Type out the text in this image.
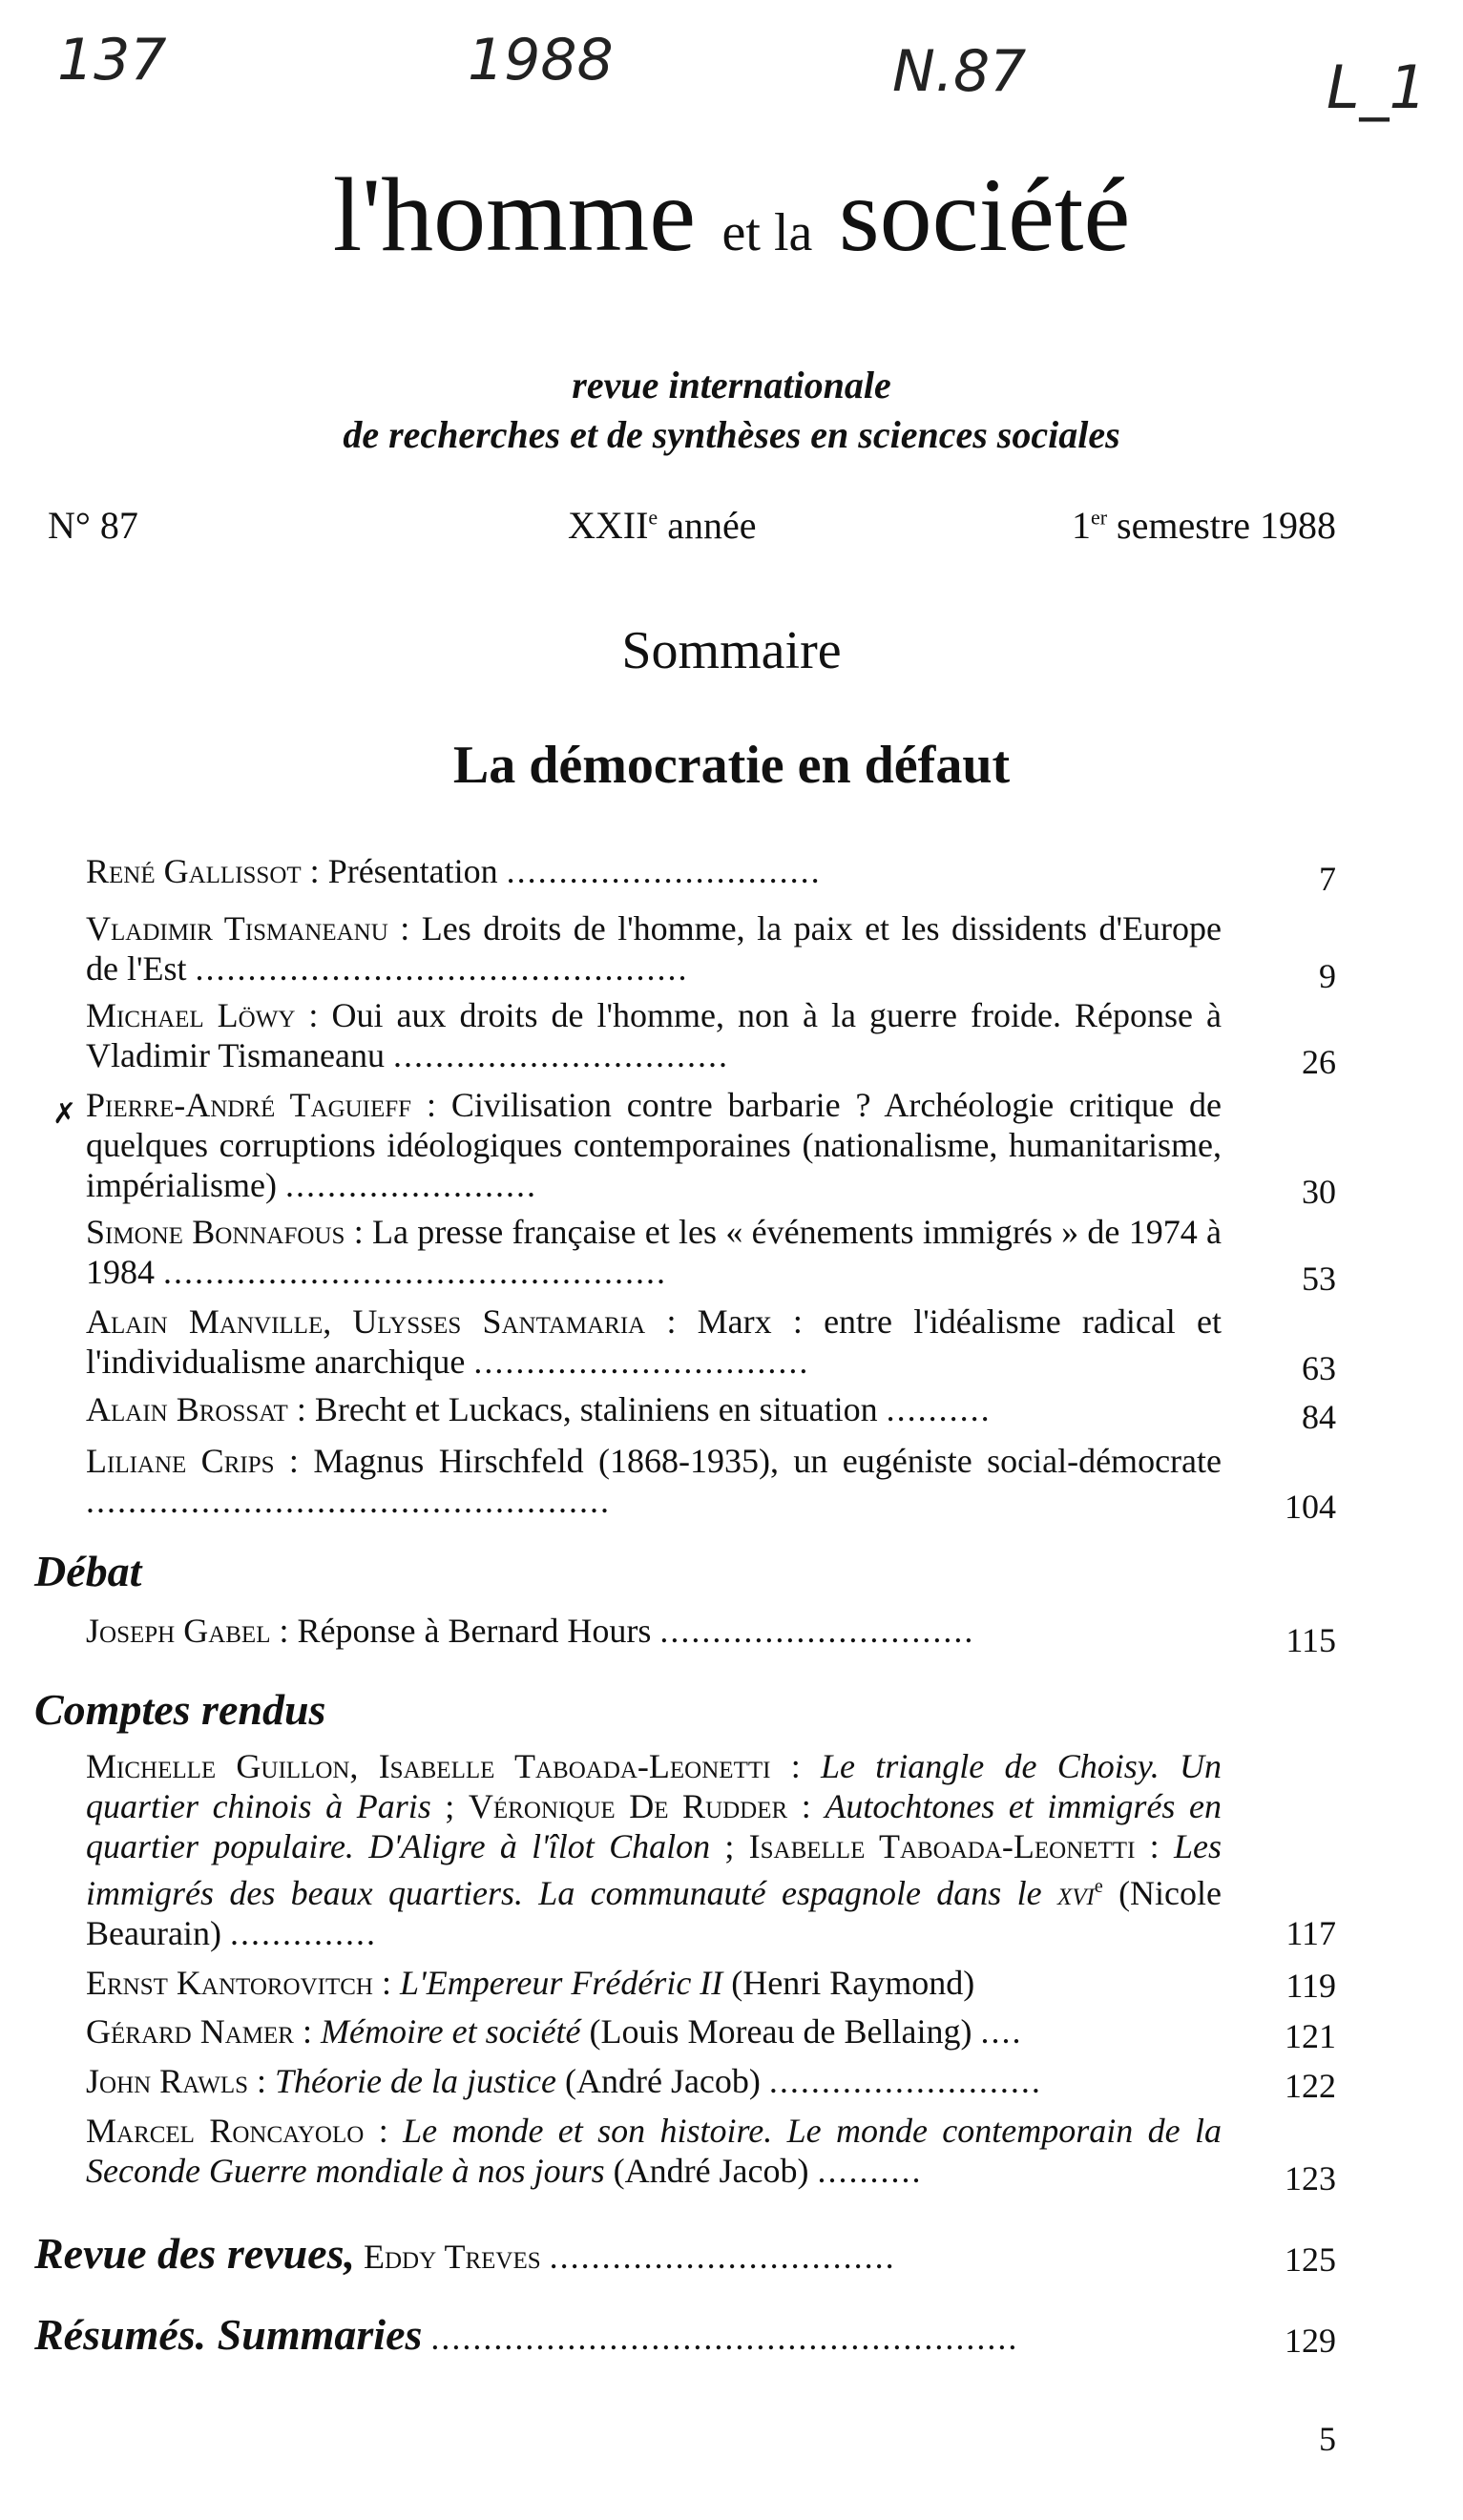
137	1988	N.87	L_1
l'homme et la société
revue internationale
de recherches et de synthèses en sciences sociales
N° 87	XXIIe année	1er semestre 1988
Sommaire
La démocratie en défaut
René Gallissot : Présentation ..............................	7
Vladimir Tismaneanu : Les droits de l'homme, la paix et les dissidents d'Europe de l'Est ...............................................	9
Michael Löwy : Oui aux droits de l'homme, non à la guerre froide. Réponse à Vladimir Tismaneanu ................................	26
✗ Pierre-André Taguieff : Civilisation contre barbarie ? Archéologie critique de quelques corruptions idéologiques contemporaines (nationalisme, humanitarisme, impérialisme) ........................	30
Simone Bonnafous : La presse française et les « événements immigrés » de 1974 à 1984 ................................................	53
Alain Manville, Ulysses Santamaria : Marx : entre l'idéalisme radical et l'individualisme anarchique ................................	63
Alain Brossat : Brecht et Luckacs, staliniens en situation ..........	84
Liliane Crips : Magnus Hirschfeld (1868-1935), un eugéniste social-démocrate ..................................................	104
Débat
Joseph Gabel : Réponse à Bernard Hours ..............................	115
Comptes rendus
Michelle Guillon, Isabelle Taboada-Leonetti : Le triangle de Choisy. Un quartier chinois à Paris ; Véronique De Rudder : Autochtones et immigrés en quartier populaire. D'Aligre à l'îlot Chalon ; Isabelle Taboada-Leonetti : Les immigrés des beaux quartiers. La communauté espagnole dans le xvi$^e$ (Nicole Beaurain) ..............	117
Ernst Kantorovitch : L'Empereur Frédéric II (Henri Raymond)	119
Gérard Namer : Mémoire et société (Louis Moreau de Bellaing) ....	121
John Rawls : Théorie de la justice (André Jacob) ..........................	122
Marcel Roncayolo : Le monde et son histoire. Le monde contemporain de la Seconde Guerre mondiale à nos jours (André Jacob) ..........	123
Revue des revues, Eddy Treves .................................	125
Résumés. Summaries ........................................................	129
5
